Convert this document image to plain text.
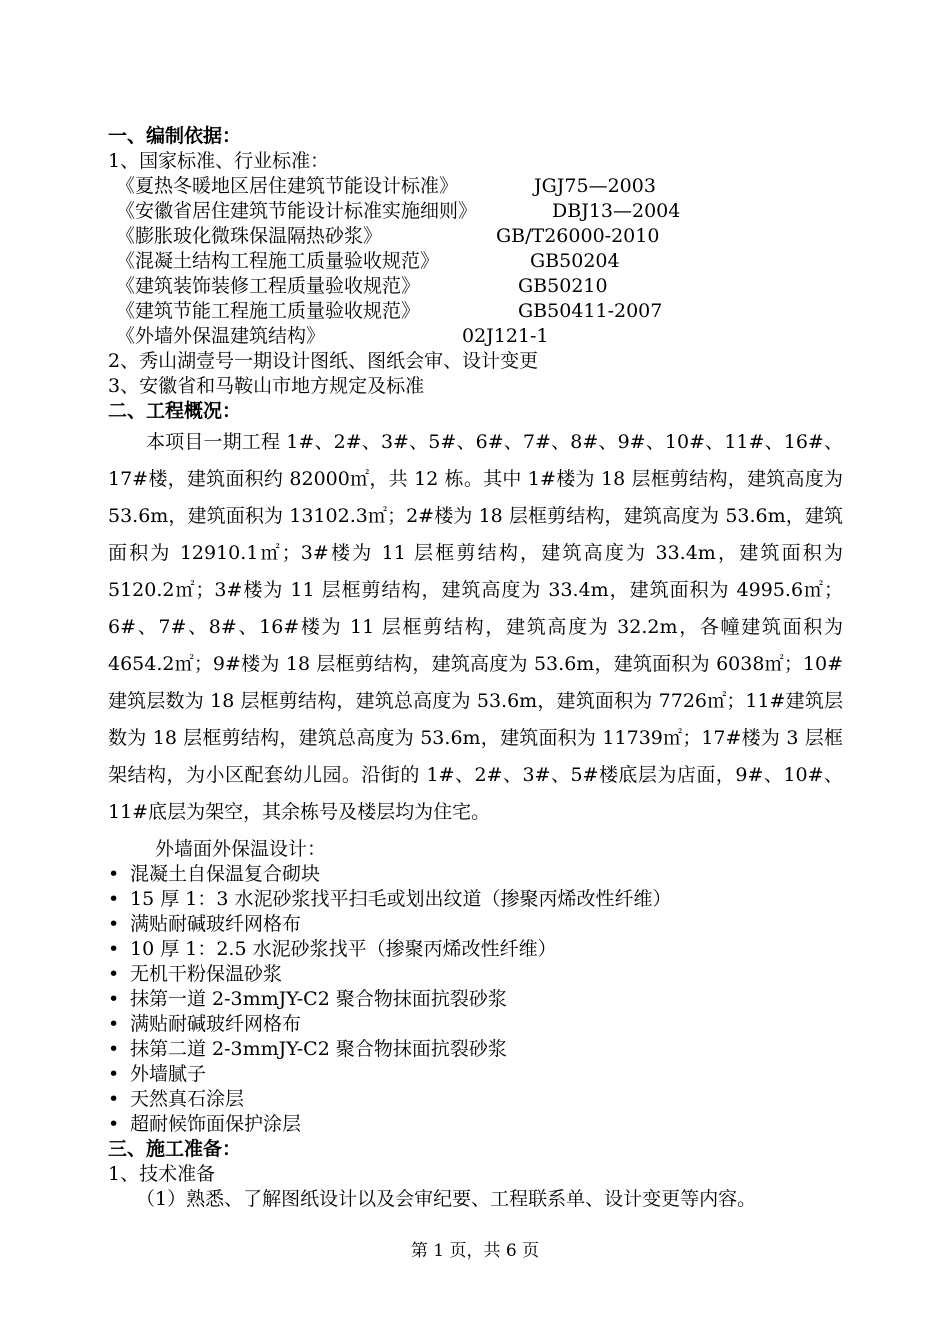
一、编制依据：
1、国家标准、行业标准：
《夏热冬暖地区居住建筑节能设计标准》	JGJ75—2003
《安徽省居住建筑节能设计标准实施细则》	DBJ13—2004
《膨胀玻化微珠保温隔热砂浆》	GB/T26000-2010
《混凝土结构工程施工质量验收规范》	GB50204
《建筑装饰装修工程质量验收规范》	GB50210
《建筑节能工程施工质量验收规范》	GB50411-2007
《外墙外保温建筑结构》	02J121-1
2、秀山湖壹号一期设计图纸、图纸会审、设计变更
3、安徽省和马鞍山市地方规定及标准
二、工程概况：

本项目一期工程 1#、2#、3#、5#、6#、7#、8#、9#、10#、11#、16#、17#楼，建筑面积约 82000㎡，共 12 栋。其中 1#楼为 18 层框剪结构，建筑高度为 53.6m，建筑面积为 13102.3㎡；2#楼为 18 层框剪结构，建筑高度为 53.6m，建筑面积为 12910.1㎡；3#楼为 11 层框剪结构，建筑高度为 33.4m，建筑面积为 5120.2㎡；3#楼为 11 层框剪结构，建筑高度为 33.4m，建筑面积为 4995.6㎡；6#、7#、8#、16#楼为 11 层框剪结构，建筑高度为 32.2m，各幢建筑面积为 4654.2㎡；9#楼为 18 层框剪结构，建筑高度为 53.6m，建筑面积为 6038㎡；10#建筑层数为 18 层框剪结构，建筑总高度为 53.6m，建筑面积为 7726㎡；11#建筑层数为 18 层框剪结构，建筑总高度为 53.6m，建筑面积为 11739㎡；17#楼为 3 层框架结构，为小区配套幼儿园。沿街的 1#、2#、3#、5#楼底层为店面，9#、10#、11#底层为架空，其余栋号及楼层均为住宅。

外墙面外保温设计：
• 混凝土自保温复合砌块
• 15 厚 1：3 水泥砂浆找平扫毛或划出纹道（掺聚丙烯改性纤维）
• 满贴耐碱玻纤网格布
• 10 厚 1：2.5 水泥砂浆找平（掺聚丙烯改性纤维）
• 无机干粉保温砂浆
• 抹第一道 2-3mmJY-C2 聚合物抹面抗裂砂浆
• 满贴耐碱玻纤网格布
• 抹第二道 2-3mmJY-C2 聚合物抹面抗裂砂浆
• 外墙腻子
• 天然真石涂层
• 超耐候饰面保护涂层
三、施工准备：
1、技术准备
（1）熟悉、了解图纸设计以及会审纪要、工程联系单、设计变更等内容。
第 1 页，共 6 页
